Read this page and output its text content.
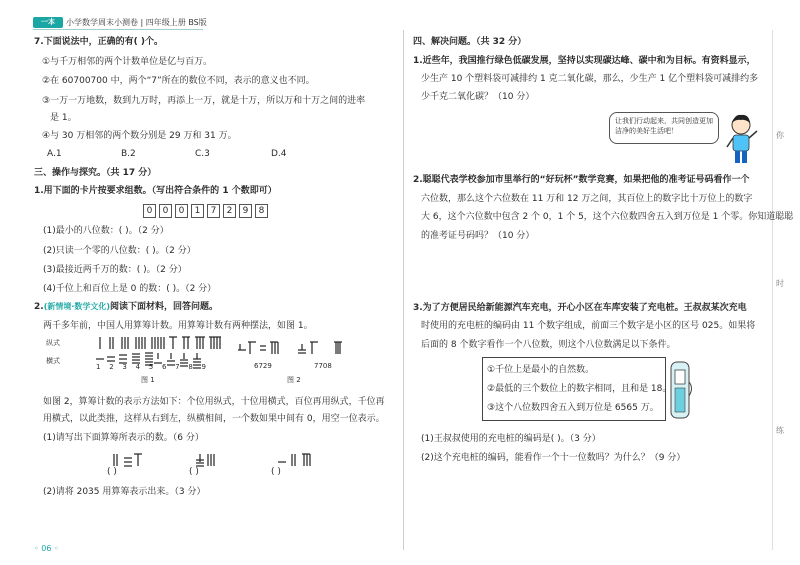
一本	小学数学周末小测卷 | 四年级上册 BS版
7.下面说法中，正确的有( )个。
①与千万相邻的两个计数单位是亿与百万。
②在 60700700 中，两个“7”所在的数位不同，表示的意义也不同。
③一万一万地数，数到九万时，再添上一万，就是十万，所以万和十万之间的进率
是 1。
④与 30 万相邻的两个数分别是 29 万和 31 万。
A.1	B.2	C.3	D.4
三、操作与探究。（共 17 分）
1.用下面的卡片按要求组数。（写出符合条件的 1 个数即可）
0	0	0	1	7	2	9	8
(1)最小的八位数：( )。（2 分）
(2)只读一个零的八位数：( )。（2 分）
(3)最接近两千万的数：( )。（2 分）
(4)千位上和百位上是 0 的数：( )。（2 分）
2.(新情境·数学文化)阅读下面材料，回答问题。
两千多年前，中国人用算筹计数。用算筹计数有两种摆法，如图 1。
纵式
横式
1 2 3 4 5 6 7 8 9
图 1
6729	7708
图 2
如图 2，算筹计数的表示方法如下：个位用纵式，十位用横式，百位再用纵式，千位再
用横式，以此类推，这样从右到左，纵横相间，一个数如果中间有 0，用空一位表示。
(1)请写出下面算筹所表示的数。（6 分）
( )	( )	( )
(2)请将 2035 用算筹表示出来。（3 分）
◦ 06 ◦
四、解决问题。（共 32 分）
1.近些年，我国推行绿色低碳发展，坚持以实现碳达峰、碳中和为目标。有资料显示，
少生产 10 个塑料袋可减排约 1 克二氧化碳，那么，少生产 1 亿个塑料袋可减排约多
少千克二氧化碳？（10 分）
让我们行动起来，共同创造更加洁净的美好生活吧！
2.聪聪代表学校参加市里举行的“好玩杯”数学竞赛，如果把他的准考证号码看作一个
六位数，那么这个六位数在 11 万和 12 万之间，其百位上的数字比十万位上的数字
大 6，这个六位数中包含 2 个 0，1 个 5，这个六位数四舍五入到万位是 1 个零。你知道聪聪
的准考证号码吗？（10 分）
3.为了方便居民给新能源汽车充电，开心小区在车库安装了充电桩。王叔叔某次充电
时使用的充电桩的编码由 11 个数字组成，前面三个数字是小区的区号 025。如果将
后面的 8 个数字看作一个八位数，则这个八位数满足以下条件。
①千位上是最小的自然数。
②最低的三个数位上的数字相同，且和是 18。
③这个八位数四舍五入到万位是 6565 万。
(1)王叔叔使用的充电桩的编码是( )。（3 分）
(2)这个充电桩的编码，能看作一个十一位数吗？为什么？（9 分）
你
时
练
